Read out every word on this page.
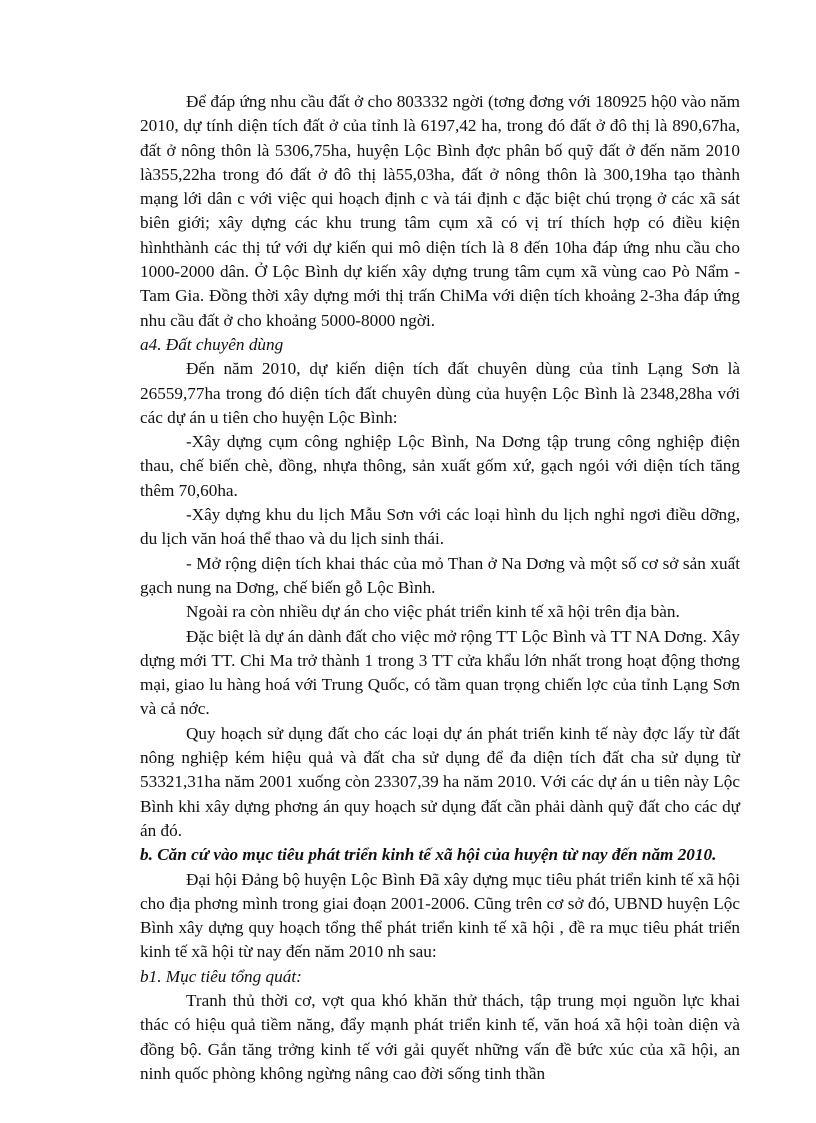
Để đáp ứng nhu cầu đất ở cho 803332 ngời (tơng đơng với 180925 hộ0 vào năm 2010, dự tính diện tích đất ở của tỉnh là 6197,42 ha, trong đó đất ở đô thị là 890,67ha, đất ở nông thôn là 5306,75ha, huyện Lộc Bình đợc phân bố quỹ đất ở đến năm 2010 là355,22ha trong đó đất ở đô thị là55,03ha, đất ở nông thôn là 300,19ha tạo thành mạng lới dân c với việc qui hoạch định c và tái định c đặc biệt chú trọng ở các xã sát biên giới; xây dựng các khu trung tâm cụm xã có vị trí thích hợp có điều kiện hìnhthành các thị tứ với dự kiến qui mô diện tích là 8 đến 10ha đáp ứng nhu cầu cho 1000-2000 dân. Ở Lộc Bình dự kiến xây dựng trung tâm cụm xã vùng cao Pò Nẩm - Tam Gia. Đồng thời xây dựng mới thị trấn ChiMa với diện tích khoảng 2-3ha đáp ứng nhu cầu đất ở cho khoảng 5000-8000 ngời.

a4. Đất chuyên dùng

Đến năm 2010, dự kiến diện tích đất chuyên dùng của tỉnh Lạng Sơn là 26559,77ha trong đó diện tích đất chuyên dùng của huyện Lộc Bình là 2348,28ha với các dự án u tiên cho huyện Lộc Bình:

-Xây dựng cụm công nghiệp Lộc Bình, Na Dơng tập trung công nghiệp điện thau, chế biến chè, đồng, nhựa thông, sản xuất gốm xứ, gạch ngói với diện tích tăng thêm 70,60ha.

-Xây dựng khu du lịch Mẫu Sơn với các loại hình du lịch nghỉ ngơi điều dỡng, du lịch văn hoá thể thao và du lịch sinh thái.

- Mở rộng diện tích khai thác của mỏ Than ở Na Dơng và một số cơ sở sản xuất gạch nung na Dơng, chế biến gỗ Lộc Bình.

Ngoài ra còn nhiều dự án cho việc phát triển kinh tế xã hội trên địa bàn.

Đặc biệt là dự án dành đất cho việc mở rộng TT Lộc Bình và TT NA Dơng. Xây dựng mới TT. Chi Ma trở thành 1 trong 3 TT cửa khẩu lớn nhất trong hoạt động thơng mại, giao lu hàng hoá với Trung Quốc, có tầm quan trọng chiến lợc của tỉnh Lạng Sơn và cả nớc.

Quy hoạch sử dụng đất cho các loại dự án phát triển kinh tế này đợc lấy từ đất nông nghiệp kém hiệu quả và đất cha sử dụng để đa diện tích đất cha sử dụng từ 53321,31ha năm 2001 xuống còn 23307,39 ha năm 2010. Với các dự án u tiên này Lộc Bình khi xây dựng phơng án quy hoạch sử dụng đất cần phải dành quỹ đất cho các dự án đó.

b. Căn cứ vào mục tiêu phát triển kinh tế xã hội của huyện từ nay đến năm 2010.

Đại hội Đảng bộ huyện Lộc Bình Đã xây dựng mục tiêu phát triển kinh tế xã hội cho địa phơng mình trong giai đoạn 2001-2006. Cũng trên cơ sở đó, UBND huyện Lộc Bình xây dựng quy hoạch tổng thể phát triển kinh tế xã hội , đề ra mục tiêu phát triển kinh tế xã hội từ nay đến năm 2010 nh sau:

b1. Mục tiêu tổng quát:

Tranh thủ thời cơ, vợt qua khó khăn thử thách, tập trung mọi nguồn lực khai thác có hiệu quả tiềm năng, đẩy mạnh phát triển kinh tế, văn hoá xã hội toàn diện và đồng bộ. Gắn tăng trởng kinh tế với gải quyết những vấn đề bức xúc của xã hội, an ninh quốc phòng không ngừng nâng cao đời sống tinh thần
